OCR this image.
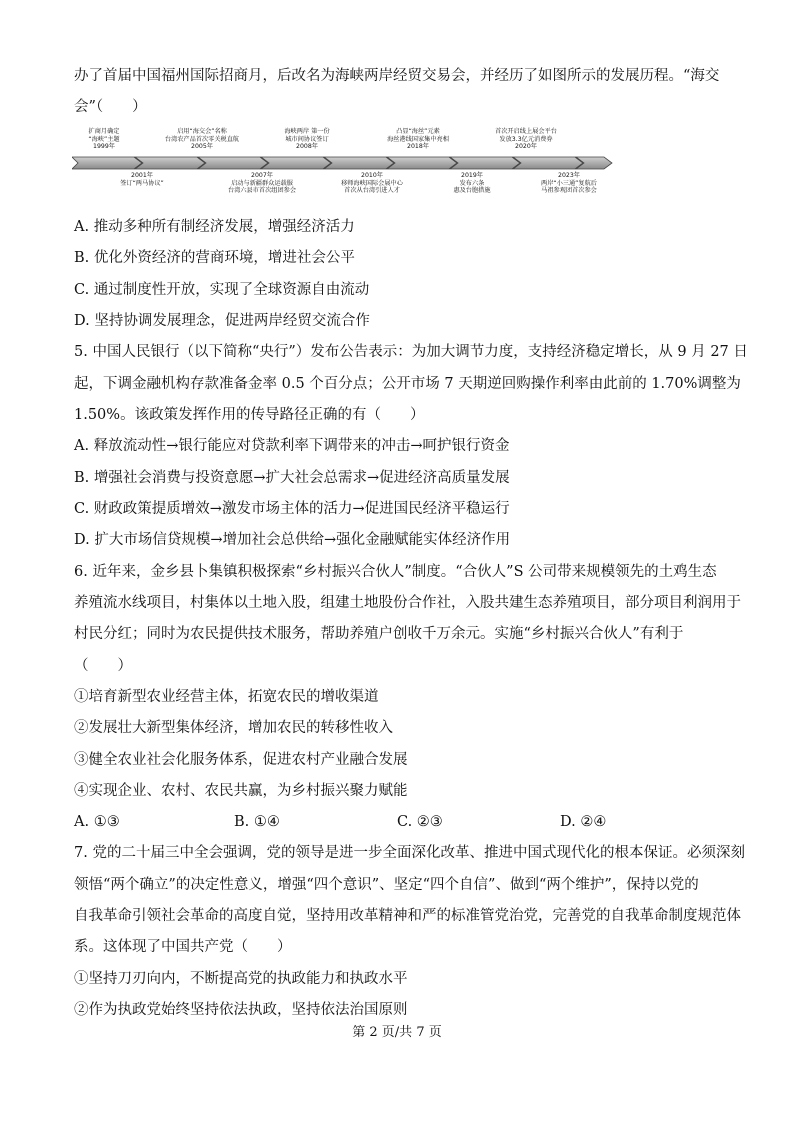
办了首届中国福州国际招商月，后改名为海峡两岸经贸交易会，并经历了如图所示的发展历程。“海交
会”（　　）
扩商月确定
“海峡”主题
1999年
启用“海交会”名称
台湾农产品首次零关税直航
2005年
海峡两岸 第一份
城市间协议签订
2008年
凸显“海丝”元素
海丝港线国家集中亮相
2018年
首次开启线上展会平台
发放3.3亿元消费券
2020年
2001年
签订“两马协议”
2007年
启动与新疆群众运载服
台湾六县市首次组团参会
2010年
移师海峡国际会展中心
首次从台湾引进人才
2019年
发布六条
惠及台胞措施
2023年
两岸“小三通”复航后
马祖参观团首次参会
A. 推动多种所有制经济发展，增强经济活力
B. 优化外资经济的营商环境，增进社会公平
C. 通过制度性开放，实现了全球资源自由流动
D. 坚持协调发展理念，促进两岸经贸交流合作
5. 中国人民银行（以下简称“央行”）发布公告表示：为加大调节力度，支持经济稳定增长，从 9 月 27 日
起，下调金融机构存款准备金率 0.5 个百分点；公开市场 7 天期逆回购操作利率由此前的 1.70%调整为
1.50%。该政策发挥作用的传导路径正确的有（　　）
A. 释放流动性→银行能应对贷款利率下调带来的冲击→呵护银行资金
B. 增强社会消费与投资意愿→扩大社会总需求→促进经济高质量发展
C. 财政政策提质增效→激发市场主体的活力→促进国民经济平稳运行
D. 扩大市场信贷规模→增加社会总供给→强化金融赋能实体经济作用
6. 近年来，金乡县卜集镇积极探索“乡村振兴合伙人”制度。“合伙人”S 公司带来规模领先的土鸡生态
养殖流水线项目，村集体以土地入股，组建土地股份合作社，入股共建生态养殖项目，部分项目利润用于
村民分红；同时为农民提供技术服务，帮助养殖户创收千万余元。实施“乡村振兴合伙人”有利于
（　　）
①培育新型农业经营主体，拓宽农民的增收渠道
②发展壮大新型集体经济，增加农民的转移性收入
③健全农业社会化服务体系，促进农村产业融合发展
④实现企业、农村、农民共赢，为乡村振兴聚力赋能
A. ①③	B. ①④	C. ②③	D. ②④
7. 党的二十届三中全会强调，党的领导是进一步全面深化改革、推进中国式现代化的根本保证。必须深刻
领悟“两个确立”的决定性意义，增强“四个意识”、坚定“四个自信”、做到“两个维护”，保持以党的
自我革命引领社会革命的高度自觉，坚持用改革精神和严的标准管党治党，完善党的自我革命制度规范体
系。这体现了中国共产党（　　）
①坚持刀刃向内，不断提高党的执政能力和执政水平
②作为执政党始终坚持依法执政，坚持依法治国原则
第 2 页/共 7 页
